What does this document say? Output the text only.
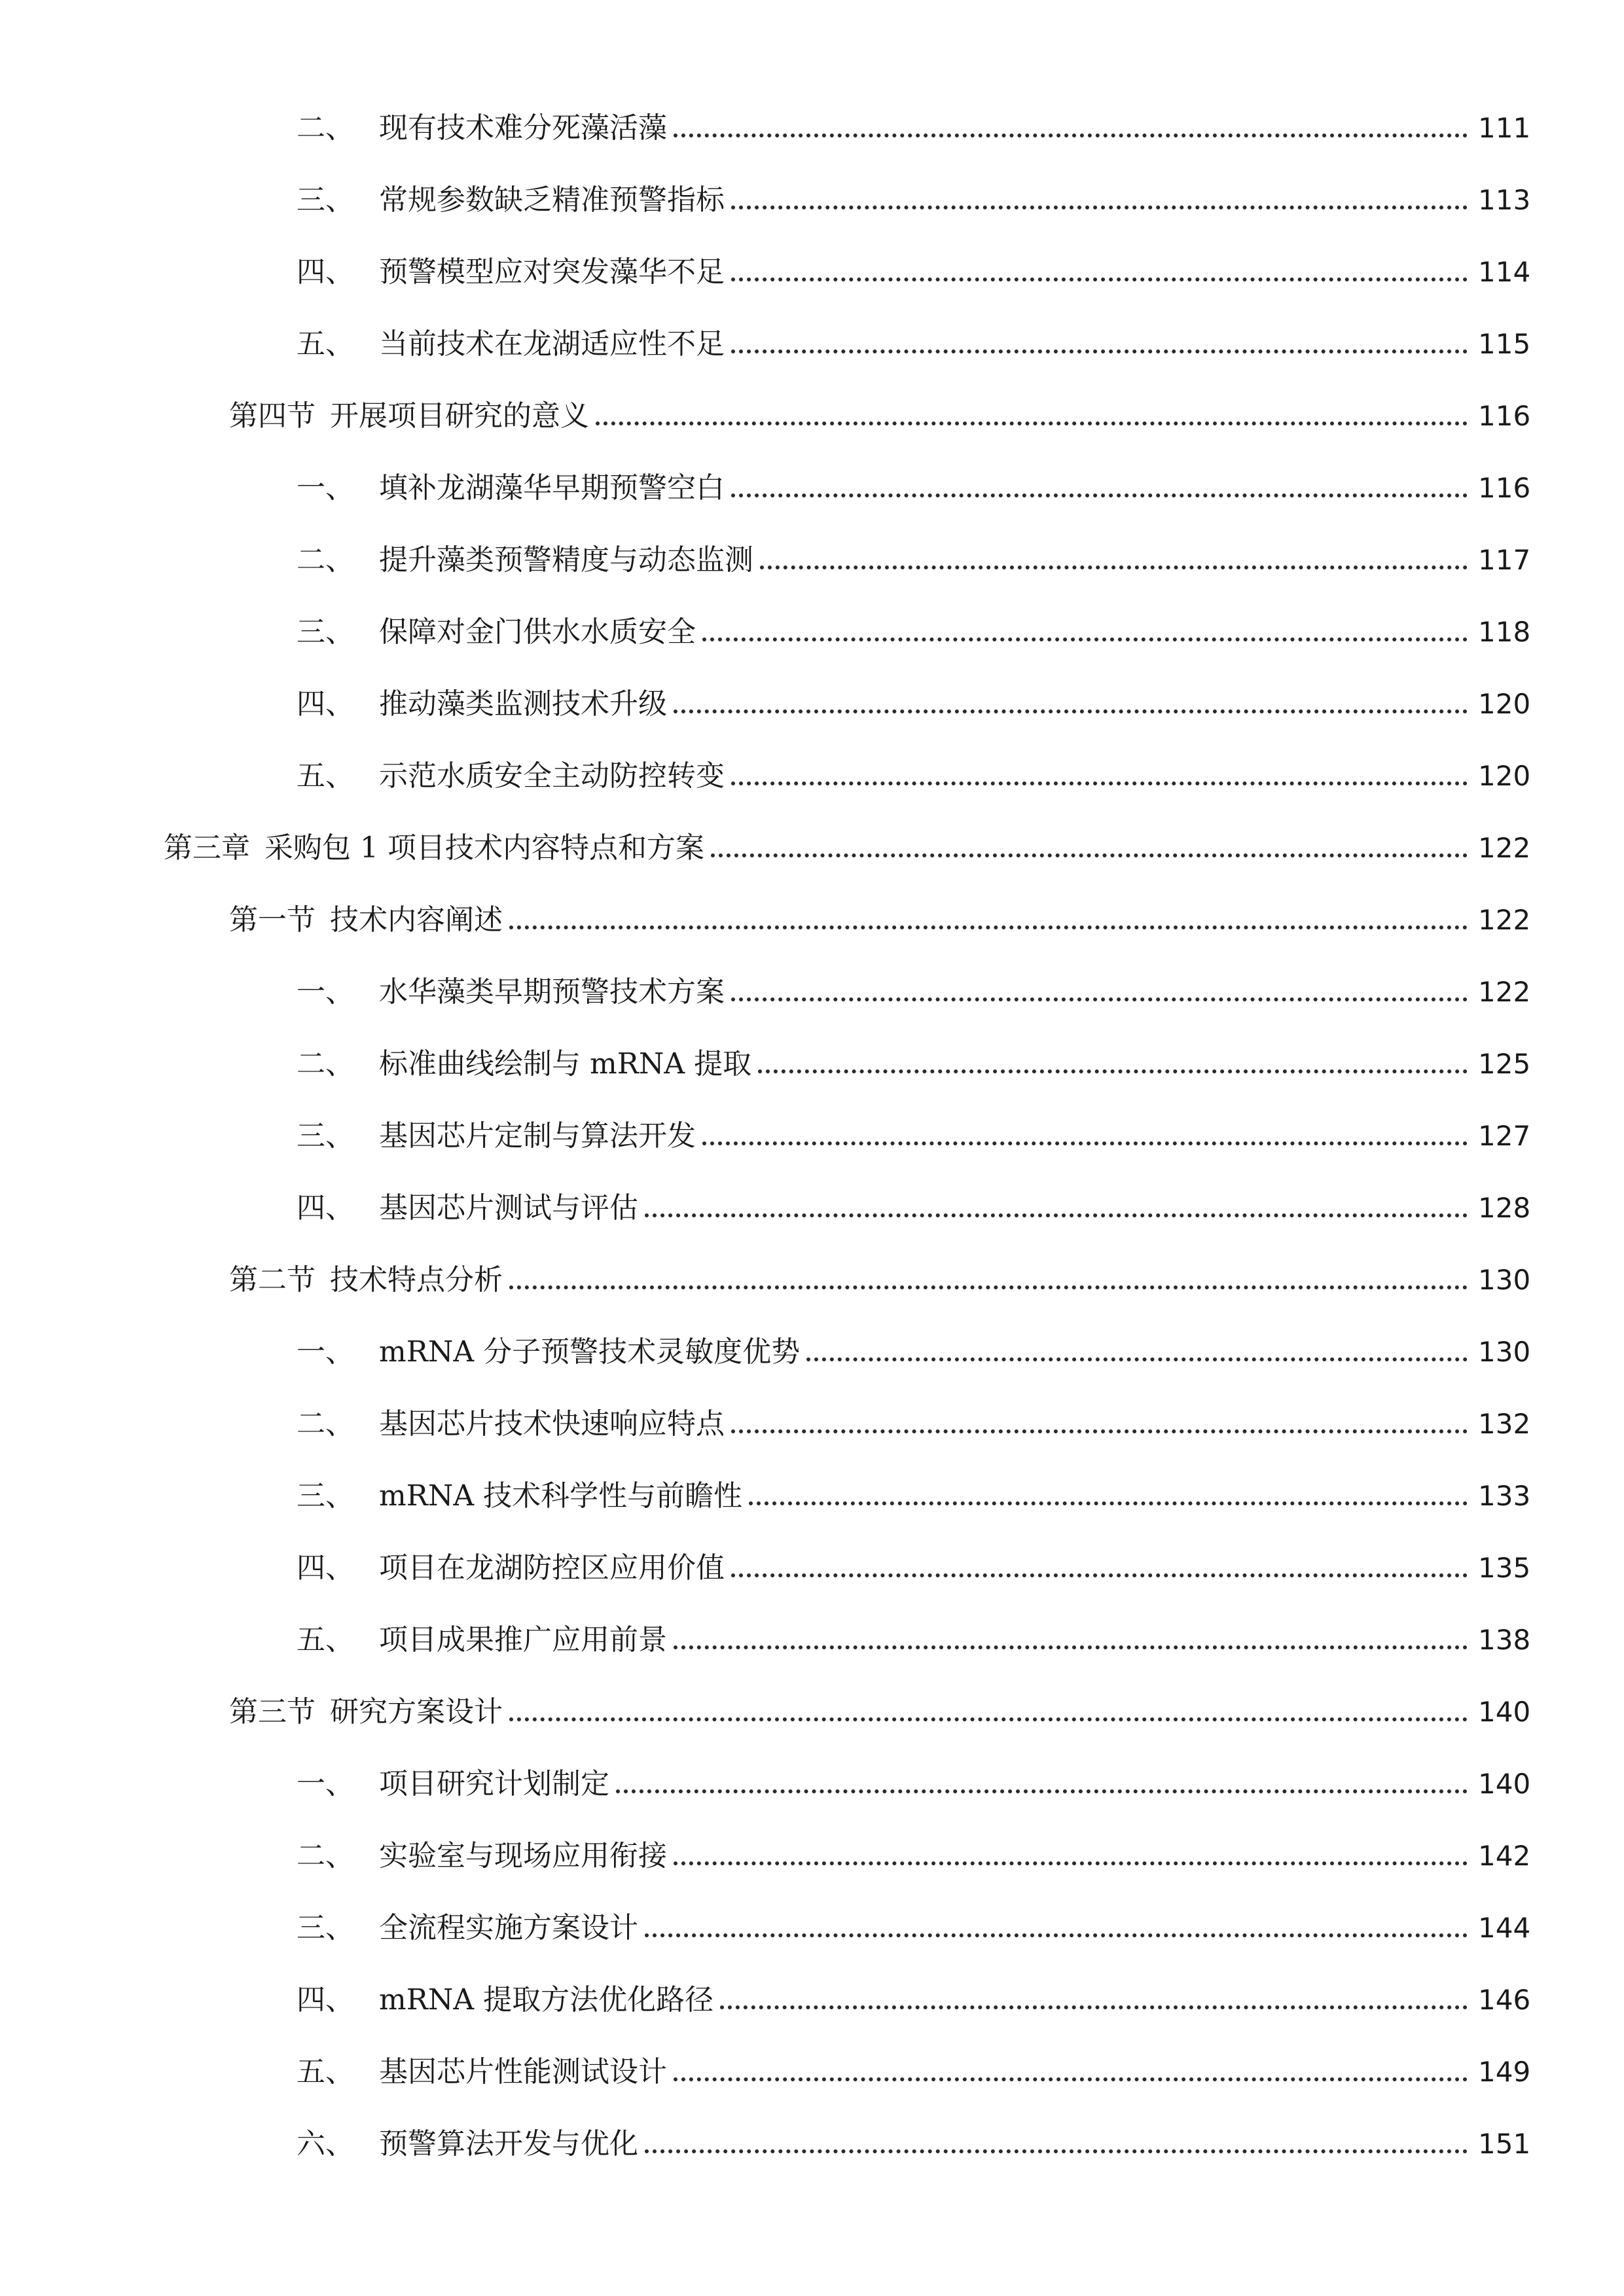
二、 现有技术难分死藻活藻	111
三、 常规参数缺乏精准预警指标	113
四、 预警模型应对突发藻华不足	114
五、 当前技术在龙湖适应性不足	115
第四节 开展项目研究的意义	116
一、 填补龙湖藻华早期预警空白	116
二、 提升藻类预警精度与动态监测	117
三、 保障对金门供水水质安全	118
四、 推动藻类监测技术升级	120
五、 示范水质安全主动防控转变	120
第三章 采购包 1 项目技术内容特点和方案	122
第一节 技术内容阐述	122
一、 水华藻类早期预警技术方案	122
二、 标准曲线绘制与 mRNA 提取	125
三、 基因芯片定制与算法开发	127
四、 基因芯片测试与评估	128
第二节 技术特点分析	130
一、 mRNA 分子预警技术灵敏度优势	130
二、 基因芯片技术快速响应特点	132
三、 mRNA 技术科学性与前瞻性	133
四、 项目在龙湖防控区应用价值	135
五、 项目成果推广应用前景	138
第三节 研究方案设计	140
一、 项目研究计划制定	140
二、 实验室与现场应用衔接	142
三、 全流程实施方案设计	144
四、 mRNA 提取方法优化路径	146
五、 基因芯片性能测试设计	149
六、 预警算法开发与优化	151
